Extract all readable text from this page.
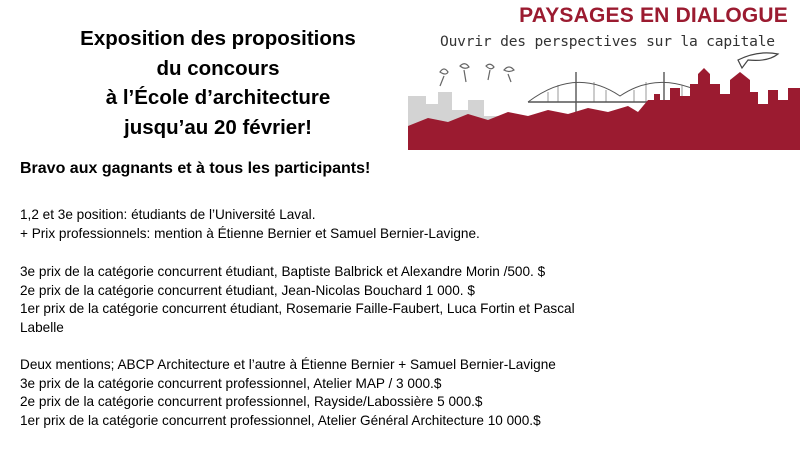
Exposition des propositions
du concours
à l’École d’architecture
jusqu’au 20 février!
PAYSAGES EN DIALOGUE
Ouvrir des perspectives sur la capitale
Bravo aux gagnants et à tous les participants!
1,2 et 3e position: étudiants de l’Université Laval.
+ Prix professionnels: mention à Étienne Bernier et Samuel Bernier-Lavigne.
3e prix de la catégorie concurrent étudiant, Baptiste Balbrick et Alexandre Morin /500. $
2e prix de la catégorie concurrent étudiant, Jean-Nicolas Bouchard 1 000. $
1er prix de la catégorie concurrent étudiant, Rosemarie Faille-Faubert, Luca Fortin et Pascal
Labelle
Deux mentions; ABCP Architecture et l’autre à Étienne Bernier + Samuel Bernier-Lavigne
3e prix de la catégorie concurrent professionnel, Atelier MAP / 3 000.$
2e prix de la catégorie concurrent professionnel, Rayside/Labossière 5 000.$
1er prix de la catégorie concurrent professionnel, Atelier Général Architecture 10 000.$
